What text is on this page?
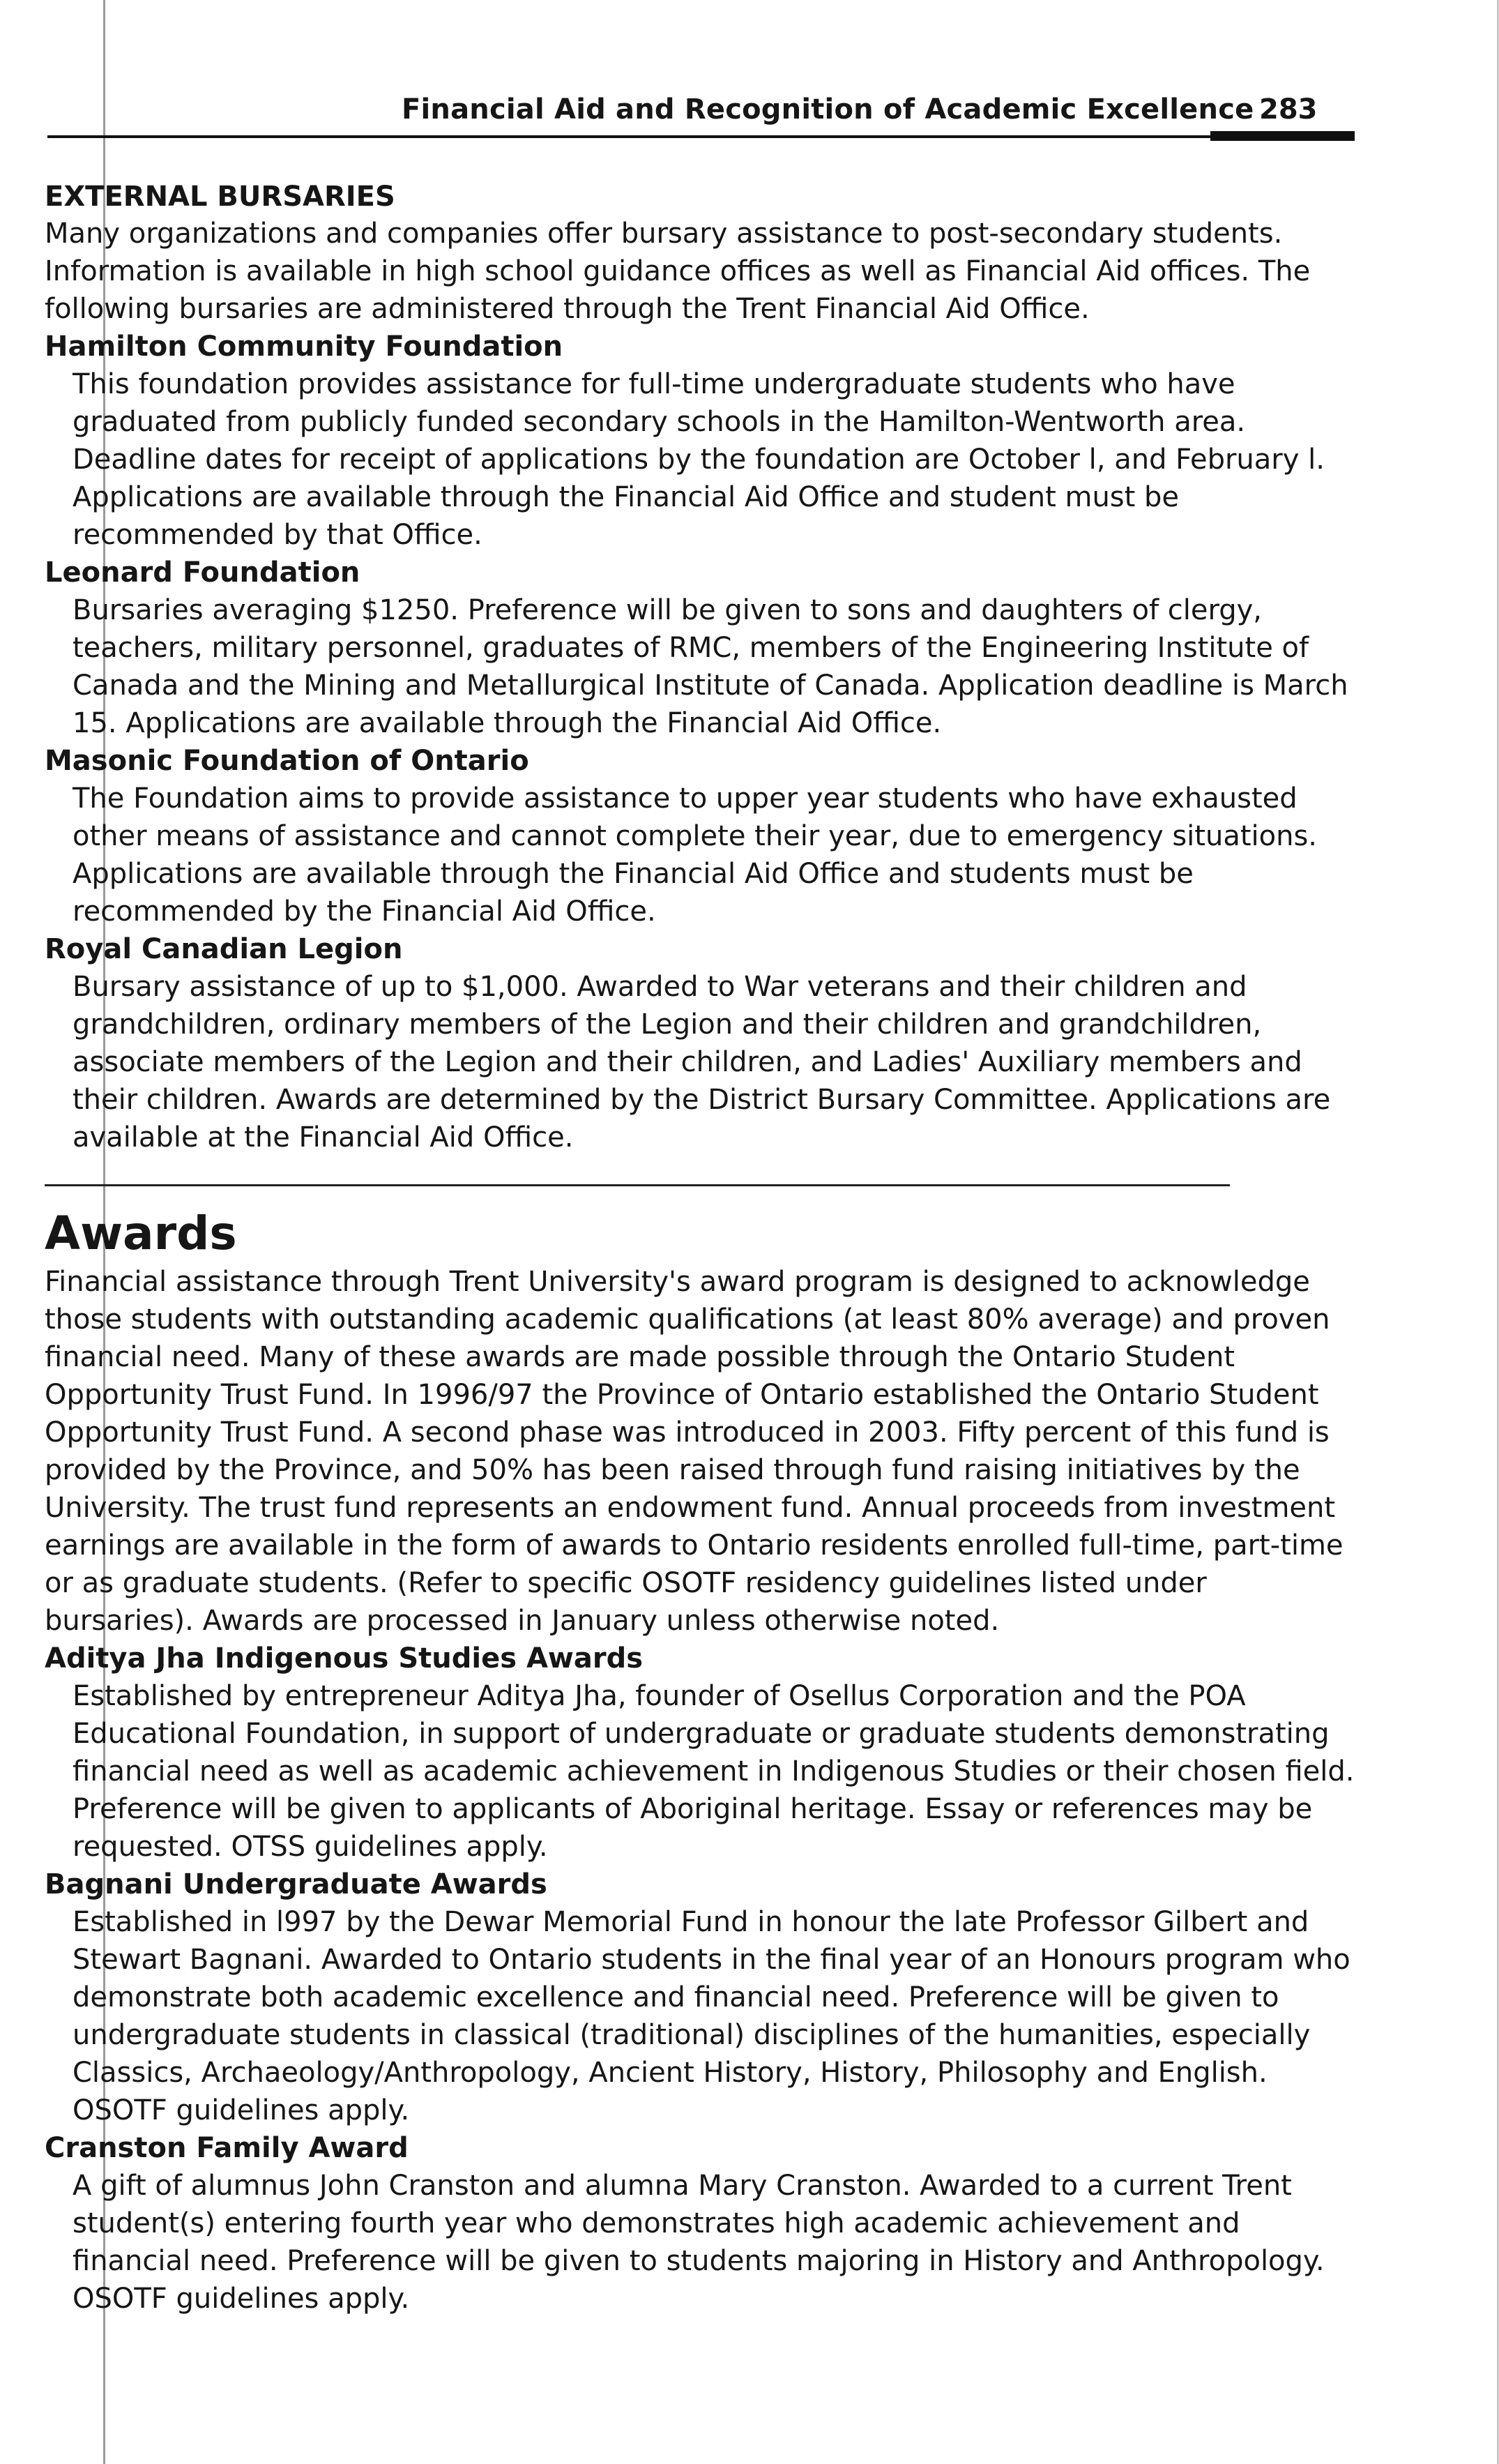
Financial Aid and Recognition of Academic Excellence 283
EXTERNAL BURSARIES

Many organizations and companies offer bursary assistance to post-secondary students. Information is available in high school guidance offices as well as Financial Aid offices. The following bursaries are administered through the Trent Financial Aid Office.

Hamilton Community Foundation

This foundation provides assistance for full-time undergraduate students who have graduated from publicly funded secondary schools in the Hamilton-Wentworth area. Deadline dates for receipt of applications by the foundation are October l, and February l. Applications are available through the Financial Aid Office and student must be recommended by that Office.

Leonard Foundation

Bursaries averaging $1250. Preference will be given to sons and daughters of clergy, teachers, military personnel, graduates of RMC, members of the Engineering Institute of Canada and the Mining and Metallurgical Institute of Canada. Application deadline is March 15. Applications are available through the Financial Aid Office.

Masonic Foundation of Ontario

The Foundation aims to provide assistance to upper year students who have exhausted other means of assistance and cannot complete their year, due to emergency situations. Applications are available through the Financial Aid Office and students must be recommended by the Financial Aid Office.

Royal Canadian Legion

Bursary assistance of up to $1,000. Awarded to War veterans and their children and grandchildren, ordinary members of the Legion and their children and grandchildren, associate members of the Legion and their children, and Ladies' Auxiliary members and their children. Awards are determined by the District Bursary Committee. Applications are available at the Financial Aid Office.

Awards

Financial assistance through Trent University's award program is designed to acknowledge those students with outstanding academic qualifications (at least 80% average) and proven financial need. Many of these awards are made possible through the Ontario Student Opportunity Trust Fund. In 1996/97 the Province of Ontario established the Ontario Student Opportunity Trust Fund. A second phase was introduced in 2003. Fifty percent of this fund is provided by the Province, and 50% has been raised through fund raising initiatives by the University. The trust fund represents an endowment fund. Annual proceeds from investment earnings are available in the form of awards to Ontario residents enrolled full-time, part-time or as graduate students. (Refer to specific OSOTF residency guidelines listed under bursaries). Awards are processed in January unless otherwise noted.

Aditya Jha Indigenous Studies Awards

Established by entrepreneur Aditya Jha, founder of Osellus Corporation and the POA Educational Foundation, in support of undergraduate or graduate students demonstrating financial need as well as academic achievement in Indigenous Studies or their chosen field. Preference will be given to applicants of Aboriginal heritage. Essay or references may be requested. OTSS guidelines apply.

Bagnani Undergraduate Awards

Established in l997 by the Dewar Memorial Fund in honour the late Professor Gilbert and Stewart Bagnani. Awarded to Ontario students in the final year of an Honours program who demonstrate both academic excellence and financial need. Preference will be given to undergraduate students in classical (traditional) disciplines of the humanities, especially Classics, Archaeology/Anthropology, Ancient History, History, Philosophy and English. OSOTF guidelines apply.

Cranston Family Award

A gift of alumnus John Cranston and alumna Mary Cranston. Awarded to a current Trent student(s) entering fourth year who demonstrates high academic achievement and financial need. Preference will be given to students majoring in History and Anthropology. OSOTF guidelines apply.
